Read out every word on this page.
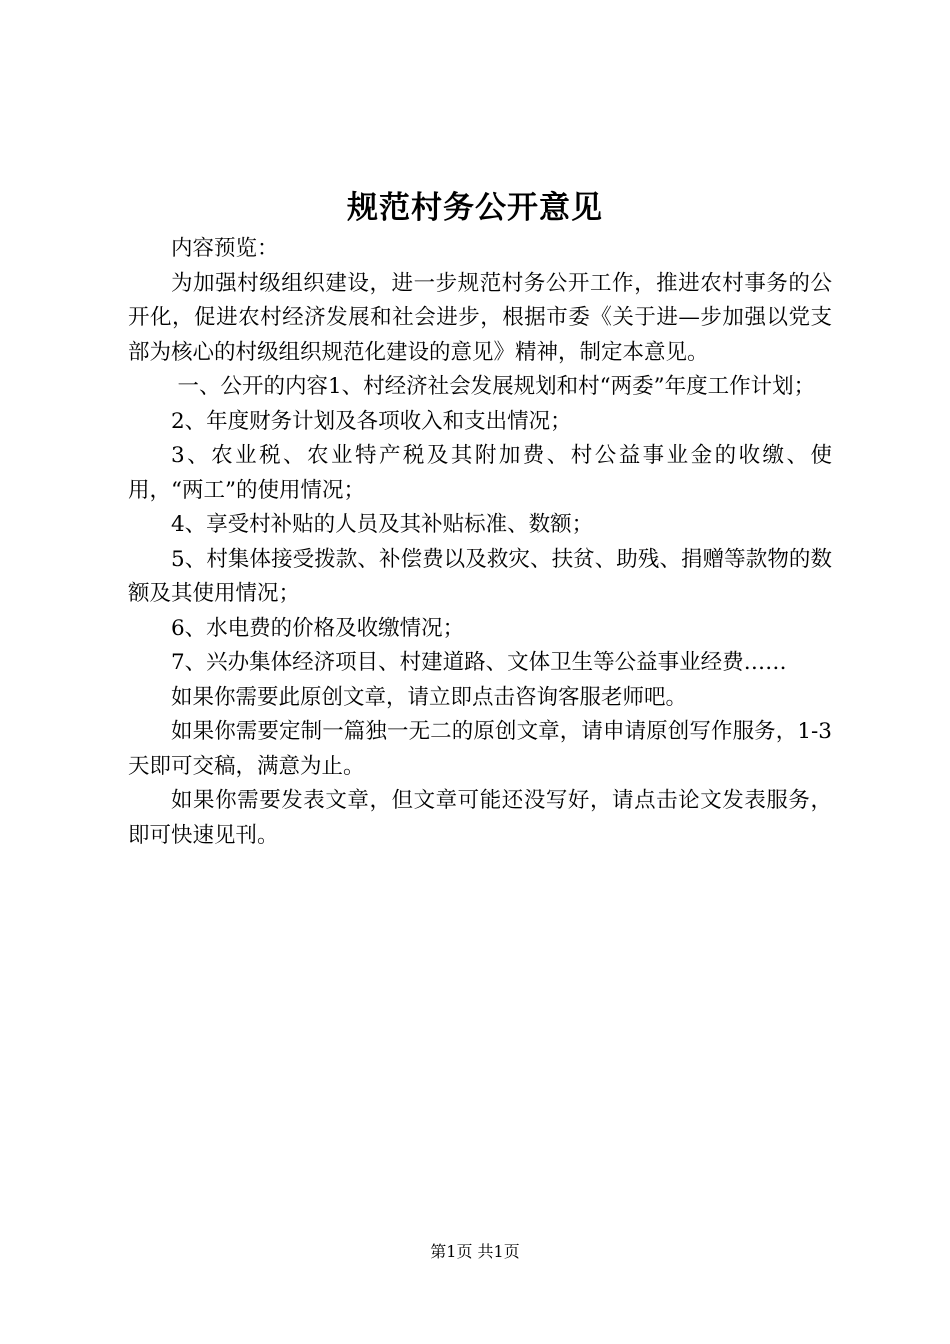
规范村务公开意见

内容预览：

为加强村级组织建设，进一步规范村务公开工作，推进农村事务的公开化，促进农村经济发展和社会进步，根据市委《关于进—步加强以党支部为核心的村级组织规范化建设的意见》精神，制定本意见。

一、公开的内容1、村经济社会发展规划和村“两委”年度工作计划；

2、年度财务计划及各项收入和支出情况；

3、农业税、农业特产税及其附加费、村公益事业金的收缴、使用，“两工”的使用情况；

4、享受村补贴的人员及其补贴标准、数额；

5、村集体接受拨款、补偿费以及救灾、扶贫、助残、捐赠等款物的数额及其使用情况；

6、水电费的价格及收缴情况；

7、兴办集体经济项目、村建道路、文体卫生等公益事业经费……

如果你需要此原创文章，请立即点击咨询客服老师吧。

如果你需要定制一篇独一无二的原创文章，请申请原创写作服务，1-3天即可交稿，满意为止。

如果你需要发表文章，但文章可能还没写好，请点击论文发表服务，即可快速见刊。

第1页 共1页
